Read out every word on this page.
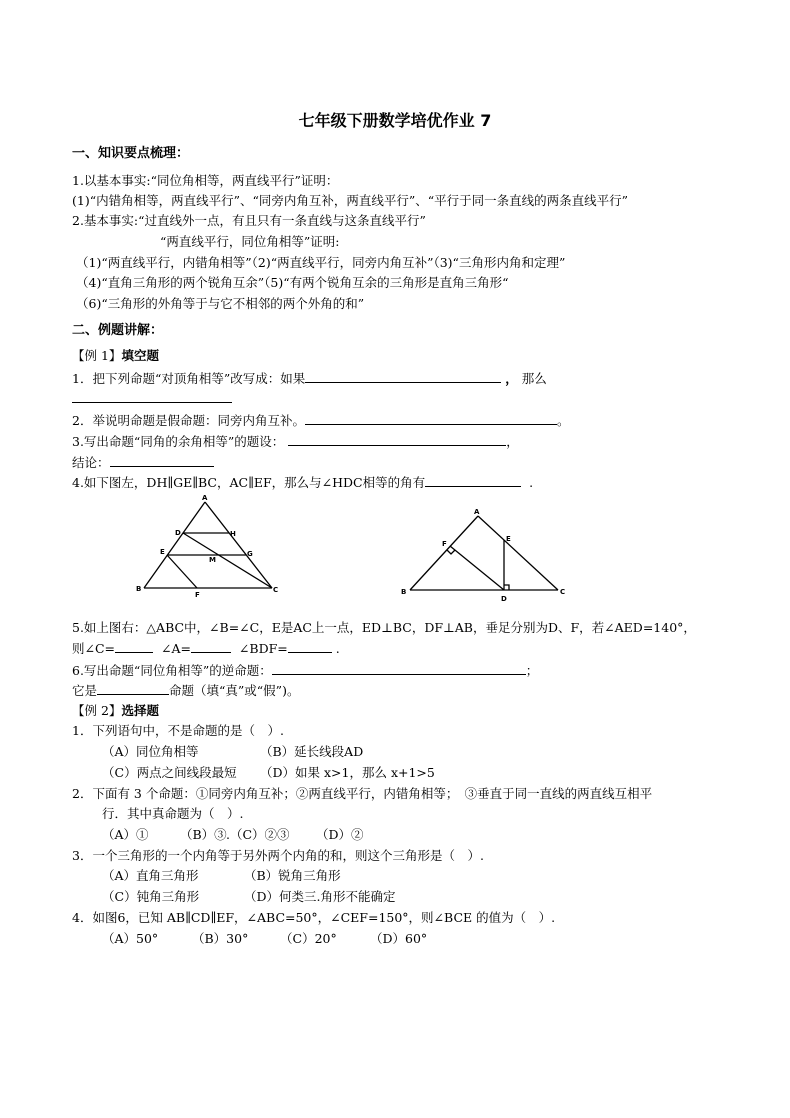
七年级下册数学培优作业 7
一、知识要点梳理：
1.以基本事实:“同位角相等，两直线平行”证明：
(1)“内错角相等，两直线平行”、“同旁内角互补，两直线平行”、“平行于同一条直线的两条直线平行”
2.基本事实:“过直线外一点，有且只有一条直线与这条直线平行”
“两直线平行，同位角相等”证明:
（1)“两直线平行，内错角相等”（2)“两直线平行，同旁内角互补”（3)“三角形内角和定理”
（4)“直角三角形的两个锐角互余”（5)“有两个锐角互余的三角形是直角三角形“
（6)“三角形的外角等于与它不相邻的两个外角的和”
二、例题讲解：
【例 1】填空题
1．把下列命题“对顶角相等”改写成：如果	， 那么
2．举说明命题是假命题：同旁内角互补。	。
3.写出命题“同角的余角相等”的题设：	，
结论：
4.如下图左，DH∥GE∥BC，AC∥EF，那么与∠HDC相等的角有	.
A
D	H
E	G
M
B
F
C
A
F
E
B
D
C
5.如上图右：△ABC中，∠B=∠C，E是AC上一点，ED⊥BC，DF⊥AB，垂足分别为D、F，若∠AED=140°，
则∠C=	∠A=	∠BDF=	.
6.写出命题“同位角相等”的逆命题：	；
它是	命题（填“真”或“假”)。
【例 2】选择题
1．下列语句中，不是命题的是（　）.
（A）同位角相等	（B）延长线段AD
（C）两点之间线段最短 （D）如果 x>1，那么 x+1>5
2．下面有 3 个命题：①同旁内角互补；②两直线平行，内错角相等；　③垂直于同一直线的两直线互相平
行．其中真命题为（　）.
（A）①	（B）③.（C）②③ （D）②
3．一个三角形的一个内角等于另外两个内角的和，则这个三角形是（　）.
（A）直角三角形	（B）锐角三角形
（C）钝角三角形	（D）何类三.角形不能确定
4．如图6，已知 AB∥CD∥EF，∠ABC=50°，∠CEF=150°，则∠BCE 的值为（　）.
（A）50°	（B）30°	（C）20°	（D）60°
